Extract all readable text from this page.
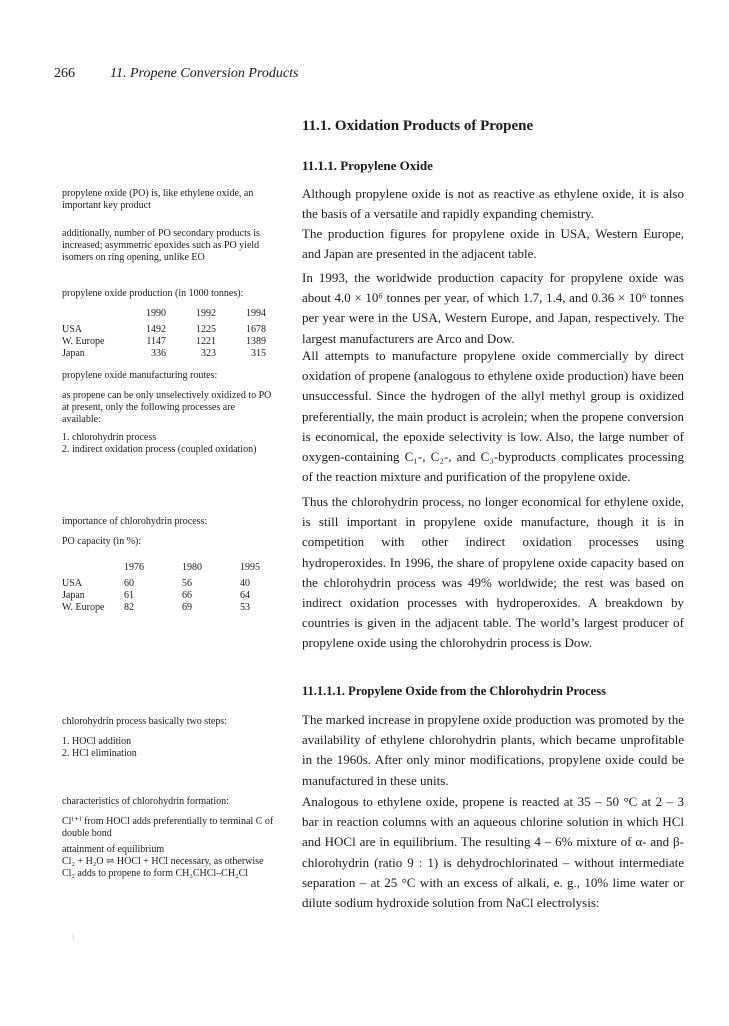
266	11. Propene Conversion Products
11.1. Oxidation Products of Propene
11.1.1. Propylene Oxide
11.1.1.1. Propylene Oxide from the Chlorohydrin Process

Although propylene oxide is not as reactive as ethylene oxide, it is also the basis of a versatile and rapidly expanding chemistry.

The production figures for propylene oxide in USA, Western Europe, and Japan are presented in the adjacent table.

In 1993, the worldwide production capacity for propylene oxide was about 4.0 × 10⁶ tonnes per year, of which 1.7, 1.4, and 0.36 × 10⁶ tonnes per year were in the USA, Western Europe, and Japan, respectively. The largest manufacturers are Arco and Dow.

All attempts to manufacture propylene oxide commercially by direct oxidation of propene (analogous to ethylene oxide production) have been unsuccessful. Since the hydrogen of the allyl methyl group is oxidized preferentially, the main product is acrolein; when the propene conversion is economical, the epoxide selectivity is low. Also, the large number of oxygen-containing C₁-, C₂-, and C₃-byproducts complicates processing of the reaction mixture and purification of the propylene oxide.

Thus the chlorohydrin process, no longer economical for ethylene oxide, is still important in propylene oxide manufacture, though it is in competition with other indirect oxidation processes using hydroperoxides. In 1996, the share of propylene oxide capacity based on the chlorohydrin process was 49% worldwide; the rest was based on indirect oxidation processes with hydroperoxides. A breakdown by countries is given in the adjacent table. The world’s largest producer of propylene oxide using the chlorohydrin process is Dow.

The marked increase in propylene oxide production was promoted by the availability of ethylene chlorohydrin plants, which became unprofitable in the 1960s. After only minor modifications, propylene oxide could be manufactured in these units.

Analogous to ethylene oxide, propene is reacted at 35 – 50 °C at 2 – 3 bar in reaction columns with an aqueous chlorine solution in which HCl and HOCl are in equilibrium. The resulting 4 – 6% mixture of α- and β-chlorohydrin (ratio 9 : 1) is dehydrochlorinated – without intermediate separation – at 25 °C with an excess of alkali, e. g., 10% lime water or dilute sodium hydroxide solution from NaCl electrolysis:

propylene oxide (PO) is, like ethylene oxide, an important key product

additionally, number of PO secondary products is increased; asymmetric epoxides such as PO yield isomers on ring opening, unlike EO

propylene oxide production (in 1000 tonnes):

	1990	1992	1994

USA	1492	1225	1678
W. Europe	1147	1221	1389
Japan	336	323	315

propylene oxide manufacturing routes:

as propene can be only unselectively oxidized to PO at present, only the following processes are available:

1. chlorohydrin process
2. indirect oxidation process (coupled oxidation)

importance of chlorohydrin process:

PO capacity (in %):

	1976	1980	1995

USA	60	56	40
Japan	61	66	64
W. Europe	82	69	53

chlorohydrin process basically two steps:

1. HOCl addition
2. HCl elimination

characteristics of chlorohydrin formation:

Cl⁽⁺⁾ from HOCl adds preferentially to terminal C of double bond

attainment of equilibrium

Cl₂ + H₂O ⇌ HOCl + HCl necessary, as otherwise Cl₂ adds to propene to form CH₃CHCl–CH₂Cl

\
